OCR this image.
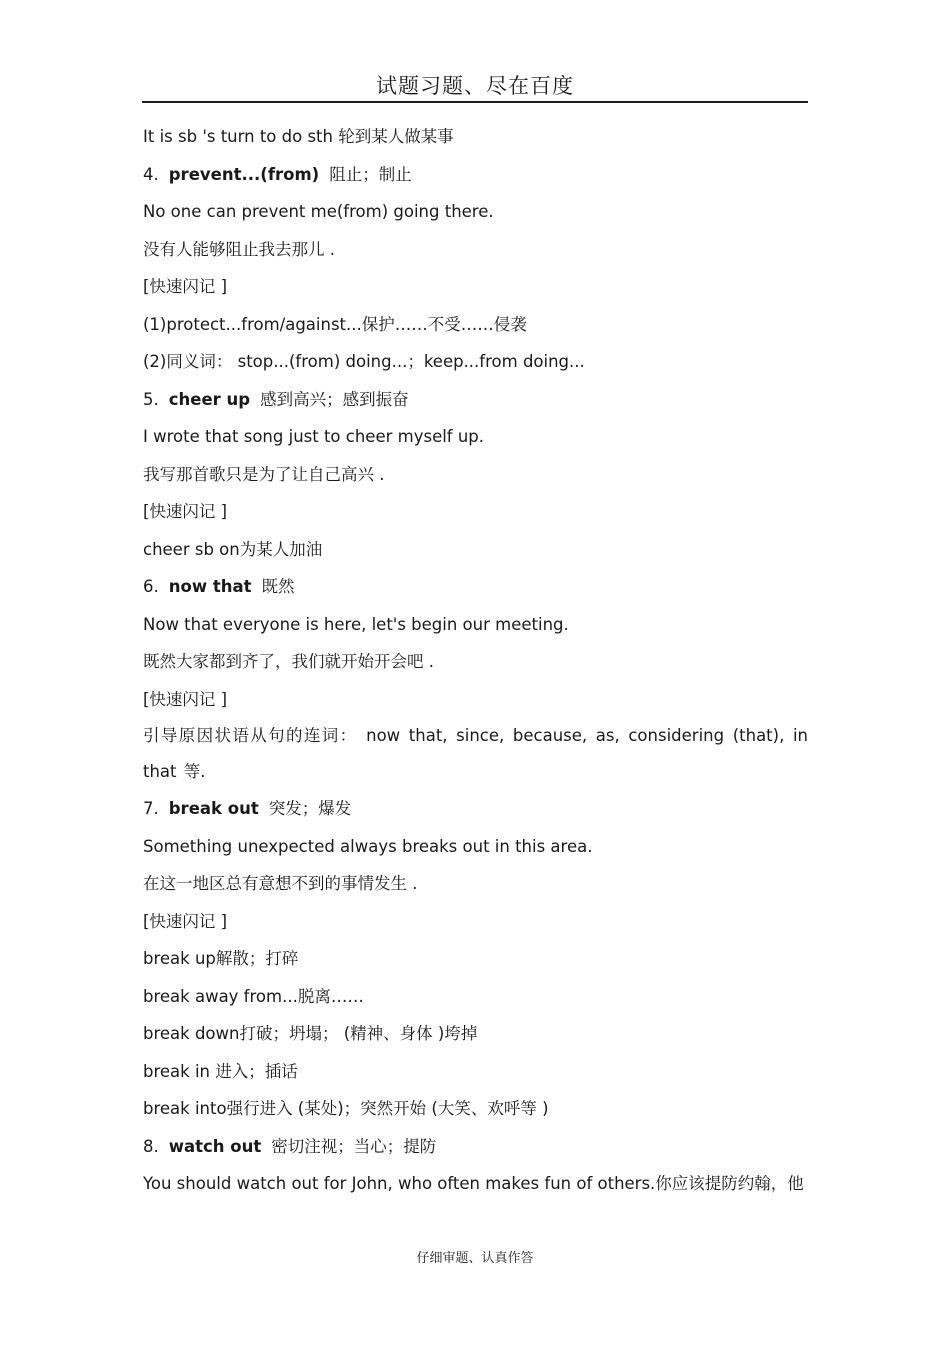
试题习题、尽在百度
It is sb 's turn to do sth 轮到某人做某事
4. prevent...(from) 阻止；制止
No one can prevent me(from) going there.
没有人能够阻止我去那儿 .
[快速闪记 ]
(1)protect...from/against...保护……不受……侵袭
(2)同义词： stop...(from) doing...；keep...from doing...
5. cheer up 感到高兴；感到振奋
I wrote that song just to cheer myself up.
我写那首歌只是为了让自己高兴 .
[快速闪记 ]
cheer sb on为某人加油
6. now that 既然
Now that everyone is here, let's begin our meeting.
既然大家都到齐了，我们就开始开会吧 .
[快速闪记 ]
引导原因状语从句的连词： now that, since, because, as, considering (that), in that 等.
7. break out 突发；爆发
Something unexpected always breaks out in this area.
在这一地区总有意想不到的事情发生 .
[快速闪记 ]
break up解散；打碎
break away from...脱离……
break down打破；坍塌； (精神、身体 )垮掉
break in 进入；插话
break into强行进入 (某处)；突然开始 (大笑、欢呼等 )
8. watch out 密切注视；当心；提防
You should watch out for John, who often makes fun of others.你应该提防约翰，他
仔细审题、认真作答
